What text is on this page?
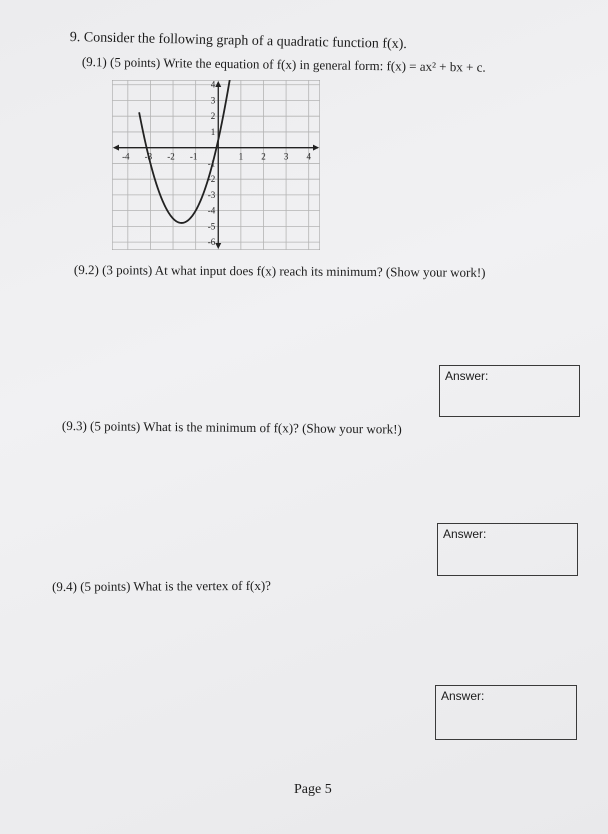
9. Consider the following graph of a quadratic function f(x).
(9.1) (5 points) Write the equation of f(x) in general form: f(x) = ax² + bx + c.
-4 -3 -2 -1	1 2 3 4
4
3
2
1
-1
-2
-3
-4
-5
-6
(9.2) (3 points) At what input does f(x) reach its minimum? (Show your work!)
Answer:
(9.3) (5 points) What is the minimum of f(x)? (Show your work!)
Answer:
(9.4) (5 points) What is the vertex of f(x)?
Answer:
Page 5
